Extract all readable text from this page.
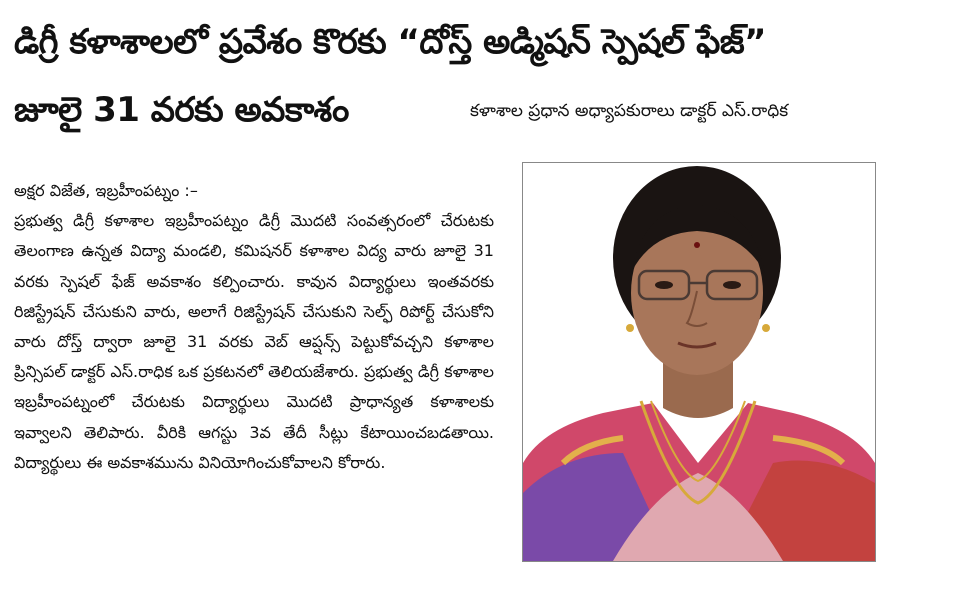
డిగ్రీ కళాశాలలో ప్రవేశం కొరకు “దోస్త్ అడ్మిషన్ స్పెషల్ ఫేజ్”
జూలై 31 వరకు అవకాశం	కళాశాల ప్రధాన అధ్యాపకురాలు డాక్టర్ ఎస్.రాధిక
అక్షర విజేత, ఇబ్రహీంపట్నం :–
ప్రభుత్వ డిగ్రీ కళాశాల ఇబ్రహీంపట్నం డిగ్రీ మొదటి సంవత్సరంలో చేరుటకు తెలంగాణ ఉన్నత విద్యా మండలి, కమిషనర్ కళాశాల విద్య వారు జూలై 31 వరకు స్పెషల్ ఫేజ్ అవకాశం కల్పించారు. కావున విద్యార్థులు ఇంతవరకు రిజిస్ట్రేషన్ చేసుకుని వారు, అలాగే రిజిస్ట్రేషన్ చేసుకుని సెల్ఫ్ రిపోర్ట్ చేసుకోని వారు దోస్త్ ద్వారా జూలై 31 వరకు వెబ్ ఆప్షన్స్ పెట్టుకోవచ్చని కళాశాల ప్రిన్సిపల్ డాక్టర్ ఎస్.రాధిక ఒక ప్రకటనలో తెలియజేశారు. ప్రభుత్వ డిగ్రీ కళాశాల ఇబ్రహీంపట్నంలో చేరుటకు విద్యార్థులు మొదటి ప్రాధాన్యత కళాశాలకు ఇవ్వాలని తెలిపారు. వీరికి ఆగస్టు 3వ తేదీ సీట్లు కేటాయించబడతాయి. విద్యార్థులు ఈ అవకాశమును వినియోగించుకోవాలని కోరారు.
